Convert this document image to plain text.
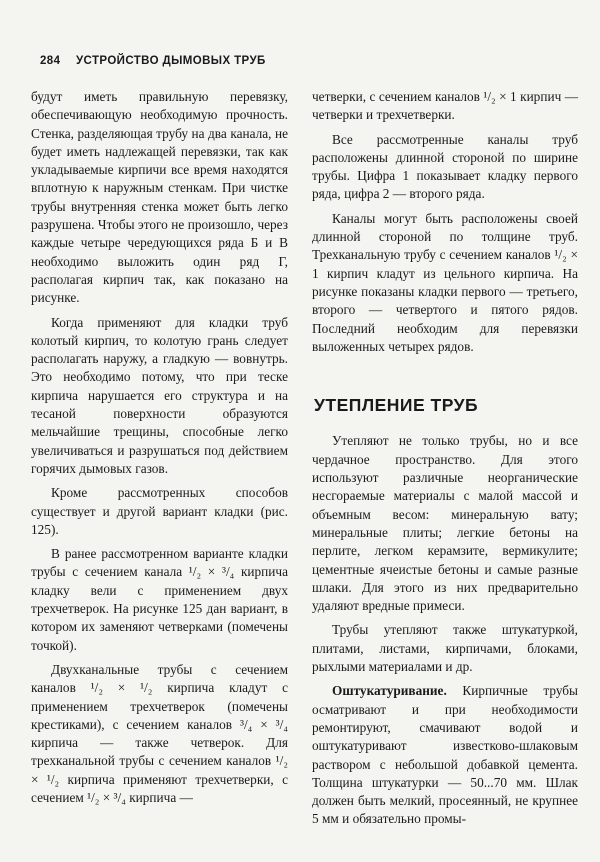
284 УСТРОЙСТВО ДЫМОВЫХ ТРУБ

будут иметь правильную перевязку, обеспечивающую необходимую прочность. Стенка, разделяющая трубу на два канала, не будет иметь надлежащей перевязки, так как укладываемые кирпичи все время находятся вплотную к наружным стенкам. При чистке трубы внутренняя стенка может быть легко разрушена. Чтобы этого не произошло, через каждые четыре чередующихся ряда Б и В необходимо выложить один ряд Г, располагая кирпич так, как показано на рисунке.

Когда применяют для кладки труб колотый кирпич, то колотую грань следует располагать наружу, а гладкую — вовнутрь. Это необходимо потому, что при теске кирпича нарушается его структура и на тесаной поверхности образуются мельчайшие трещины, способные легко увеличиваться и разрушаться под действием горячих дымовых газов.

Кроме рассмотренных способов существует и другой вариант кладки (рис. 125).

В ранее рассмотренном варианте кладки трубы с сечением канала ¹/₂ × ³/₄ кирпича кладку вели с применением двух трехчетверок. На рисунке 125 дан вариант, в котором их заменяют четверками (помечены точкой).

Двухканальные трубы с сечением каналов ¹/₂ × ¹/₂ кирпича кладут с применением трехчетверок (помечены крестиками), с сечением каналов ³/₄ × ³/₄ кирпича — также четверок. Для трехканальной трубы с сечением каналов ¹/₂ × ¹/₂ кирпича применяют трехчетверки, с сечением ¹/₂ × ³/₄ кирпича —

четверки, с сечением каналов ¹/₂ × 1 кирпич — четверки и трехчетверки.

Все рассмотренные каналы труб расположены длинной стороной по ширине трубы. Цифра 1 показывает кладку первого ряда, цифра 2 — второго ряда.

Каналы могут быть расположены своей длинной стороной по толщине труб. Трехканальную трубу с сечением каналов ¹/₂ × 1 кирпич кладут из цельного кирпича. На рисунке показаны кладки первого — третьего, второго — четвертого и пятого рядов. Последний необходим для перевязки выложенных четырех рядов.

УТЕПЛЕНИЕ ТРУБ

Утепляют не только трубы, но и все чердачное пространство. Для этого используют различные неорганические несгораемые материалы с малой массой и объемным весом: минеральную вату; минеральные плиты; легкие бетоны на перлите, легком керамзите, вермикулите; цементные ячеистые бетоны и самые разные шлаки. Для этого из них предварительно удаляют вредные примеси.

Трубы утепляют также штукатуркой, плитами, листами, кирпичами, блоками, рыхлыми материалами и др.

Оштукатуривание. Кирпичные трубы осматривают и при необходимости ремонтируют, смачивают водой и оштукатуривают известково-шлаковым раствором с небольшой добавкой цемента. Толщина штукатурки — 50...70 мм. Шлак должен быть мелкий, просеянный, не крупнее 5 мм и обязательно промы-
